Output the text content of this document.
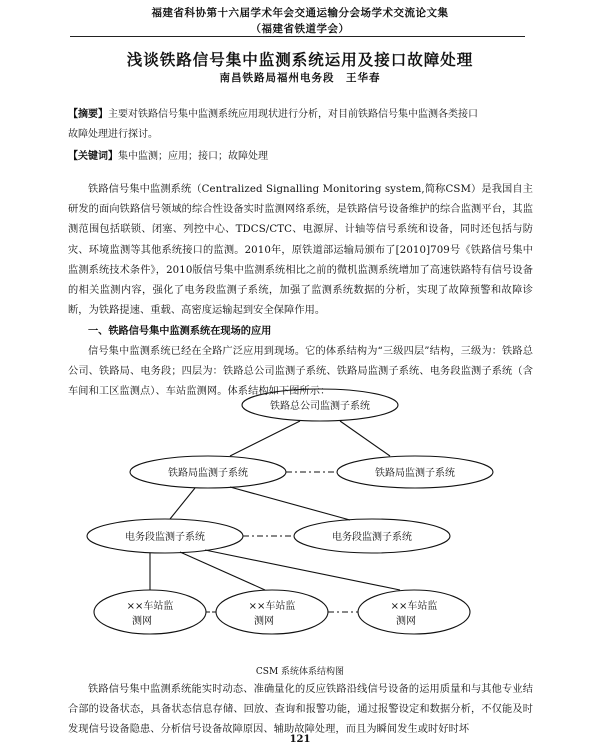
福建省科协第十六届学术年会交通运输分会场学术交流论文集
（福建省铁道学会）
浅谈铁路信号集中监测系统运用及接口故障处理
南昌铁路局福州电务段　王华春
【摘要】主要对铁路信号集中监测系统应用现状进行分析，对目前铁路信号集中监测各类接口
故障处理进行探讨。
【关键词】集中监测；应用；接口；故障处理
铁路信号集中监测系统（Centralized Signalling Monitoring system,简称CSM）是我国自主研发的面向铁路信号领域的综合性设备实时监测网络系统，是铁路信号设备维护的综合监测平台，其监测范围包括联锁、闭塞、列控中心、TDCS/CTC、电源屏、计轴等信号系统和设备，同时还包括与防灾、环境监测等其他系统接口的监测。2010年，原铁道部运输局颁布了[2010]709号《铁路信号集中监测系统技术条件》，2010版信号集中监测系统相比之前的微机监测系统增加了高速铁路特有信号设备的相关监测内容，强化了电务段监测子系统，加强了监测系统数据的分析，实现了故障预警和故障诊断，为铁路提速、重载、高密度运输起到安全保障作用。
一、铁路信号集中监测系统在现场的应用
信号集中监测系统已经在全路广泛应用到现场。它的体系结构为“三级四层”结构，三级为：铁路总公司、铁路局、电务段；四层为：铁路总公司监测子系统、铁路局监测子系统、电务段监测子系统（含车间和工区监测点）、车站监测网。体系结构如下图所示：
铁路总公司监测子系统
铁路局监测子系统	铁路局监测子系统
电务段监测子系统	电务段监测子系统
××车站监
测网
××车站监
测网
××车站监
测网
CSM 系统体系结构图
铁路信号集中监测系统能实时动态、准确量化的反应铁路沿线信号设备的运用质量和与其他专业结合部的设备状态，具备状态信息存储、回放、查询和报警功能，通过报警设定和数据分析，不仅能及时发现信号设备隐患、分析信号设备故障原因、辅助故障处理，而且为瞬间发生或时好时坏
121
